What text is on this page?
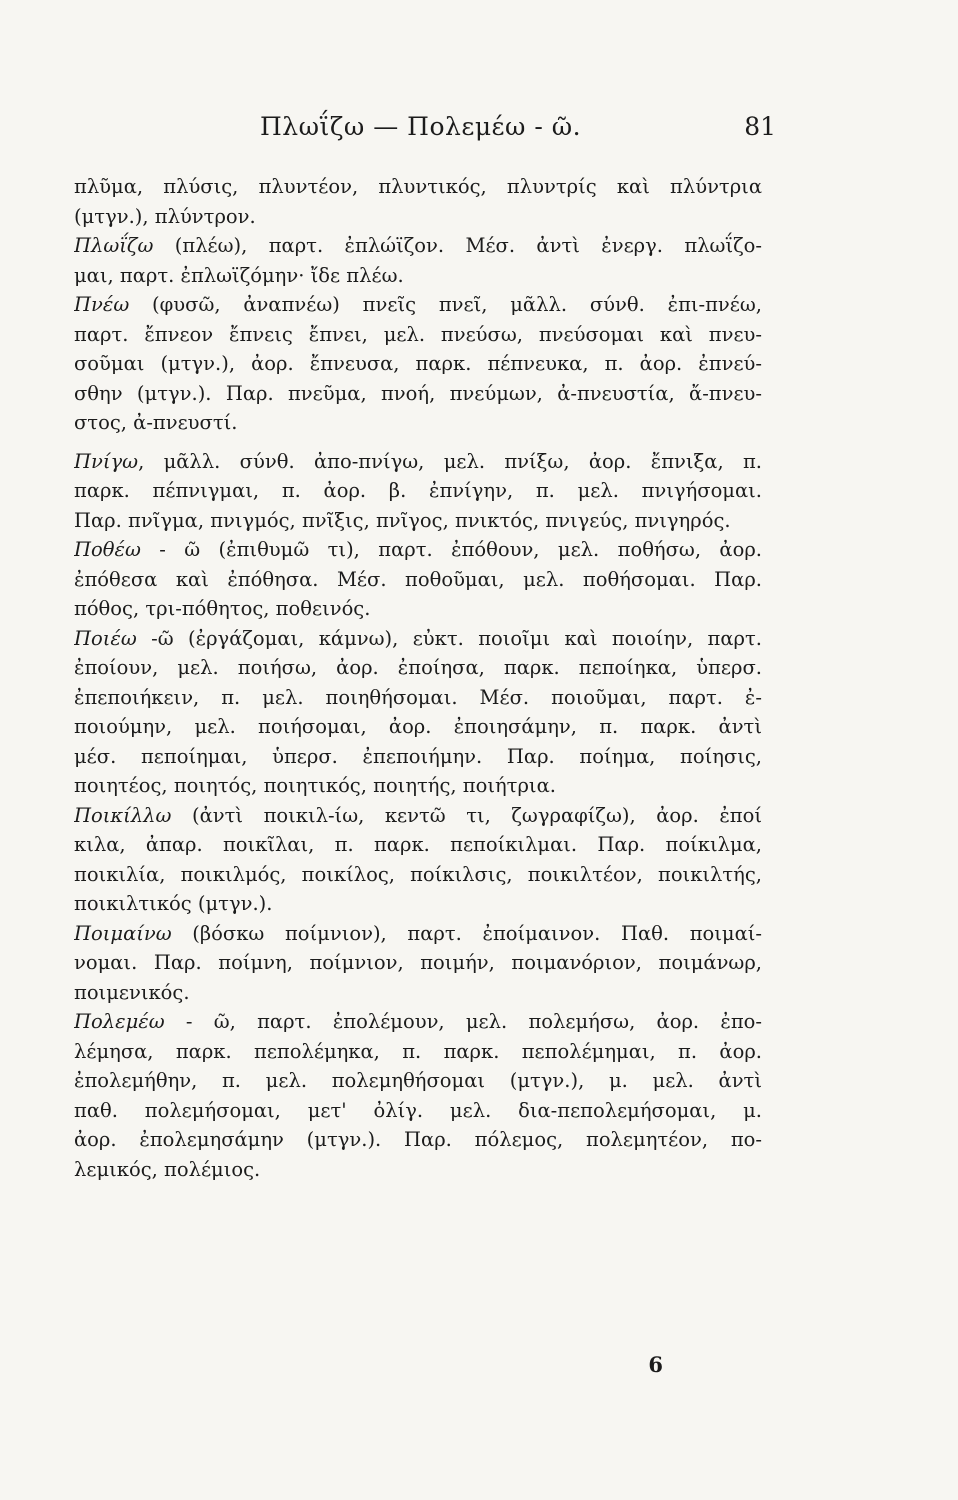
Πλωΐζω — Πολεμέω - ῶ.	81
πλῦμα, πλύσις, πλυντέον, πλυντικός, πλυντρίς καὶ πλύντρια
(μτγν.), πλύντρον.
Πλωΐζω (πλέω), παρτ. ἐπλώϊζον. Μέσ. ἀντὶ ἐνεργ. πλωΐζο-
μαι, παρτ. ἐπλωϊζόμην· ἴδε πλέω.
Πνέω (φυσῶ, ἀναπνέω) πνεῖς πνεῖ, μᾶλλ. σύνθ. ἐπι-πνέω,
παρτ. ἔπνεον ἔπνεις ἔπνει, μελ. πνεύσω, πνεύσομαι καὶ πνευ-
σοῦμαι (μτγν.), ἀορ. ἔπνευσα, παρκ. πέπνευκα, π. ἀορ. ἐπνεύ-
σθην (μτγν.). Παρ. πνεῦμα, πνοή, πνεύμων, ἀ-πνευστία, ἄ-πνευ-
στος, ἀ-πνευστί.
Πνίγω, μᾶλλ. σύνθ. ἀπο-πνίγω, μελ. πνίξω, ἀορ. ἔπνιξα, π.
παρκ. πέπνιγμαι, π. ἀορ. β. ἐπνίγην, π. μελ. πνιγήσομαι.
Παρ. πνῖγμα, πνιγμός, πνῖξις, πνῖγος, πνικτός, πνιγεύς, πνιγηρός.
Ποθέω - ῶ (ἐπιθυμῶ τι), παρτ. ἐπόθουν, μελ. ποθήσω, ἀορ.
ἐπόθεσα καὶ ἐπόθησα. Μέσ. ποθοῦμαι, μελ. ποθήσομαι. Παρ.
πόθος, τρι-πόθητος, ποθεινός.
Ποιέω -ῶ (ἐργάζομαι, κάμνω), εὐκτ. ποιοῖμι καὶ ποιοίην, παρτ.
ἐποίουν, μελ. ποιήσω, ἀορ. ἐποίησα, παρκ. πεποίηκα, ὑπερσ.
ἐπεποιήκειν, π. μελ. ποιηθήσομαι. Μέσ. ποιοῦμαι, παρτ. ἐ-
ποιούμην, μελ. ποιήσομαι, ἀορ. ἐποιησάμην, π. παρκ. ἀντὶ
μέσ. πεποίημαι, ὑπερσ. ἐπεποιήμην. Παρ. ποίημα, ποίησις,
ποιητέος, ποιητός, ποιητικός, ποιητής, ποιήτρια.
Ποικίλλω (ἀντὶ ποικιλ-ίω, κεντῶ τι, ζωγραφίζω), ἀορ. ἐποί
κιλα, ἀπαρ. ποικῖλαι, π. παρκ. πεποίκιλμαι. Παρ. ποίκιλμα,
ποικιλία, ποικιλμός, ποικίλος, ποίκιλσις, ποικιλτέον, ποικιλτής,
ποικιλτικός (μτγν.).
Ποιμαίνω (βόσκω ποίμνιον), παρτ. ἐποίμαινον. Παθ. ποιμαί-
νομαι. Παρ. ποίμνη, ποίμνιον, ποιμήν, ποιμανόριον, ποιμάνωρ,
ποιμενικός.
Πολεμέω - ῶ, παρτ. ἐπολέμουν, μελ. πολεμήσω, ἀορ. ἐπο-
λέμησα, παρκ. πεπολέμηκα, π. παρκ. πεπολέμημαι, π. ἀορ.
ἐπολεμήθην, π. μελ. πολεμηθήσομαι (μτγν.), μ. μελ. ἀντὶ
παθ. πολεμήσομαι, μετ' ὀλίγ. μελ. δια-πεπολεμήσομαι, μ.
ἀορ. ἐπολεμησάμην (μτγν.). Παρ. πόλεμος, πολεμητέον, πο-
λεμικός, πολέμιος.
6
